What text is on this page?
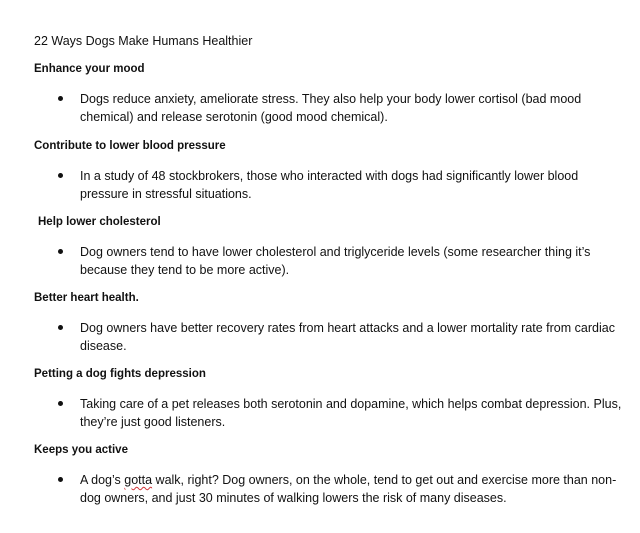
22 Ways Dogs Make Humans Healthier
Enhance your mood
Dogs reduce anxiety, ameliorate stress. They also help your body lower cortisol (bad mood chemical) and release serotonin (good mood chemical).
Contribute to lower blood pressure
In a study of 48 stockbrokers, those who interacted with dogs had significantly lower blood pressure in stressful situations.
Help lower cholesterol
Dog owners tend to have lower cholesterol and triglyceride levels (some researcher thing it’s because they tend to be more active).
Better heart health.
Dog owners have better recovery rates from heart attacks and a lower mortality rate from cardiac disease.
Petting a dog fights depression
Taking care of a pet releases both serotonin and dopamine, which helps combat depression. Plus, they’re just good listeners.
Keeps you active
A dog’s gotta walk, right? Dog owners, on the whole, tend to get out and exercise more than non-dog owners, and just 30 minutes of walking lowers the risk of many diseases.
